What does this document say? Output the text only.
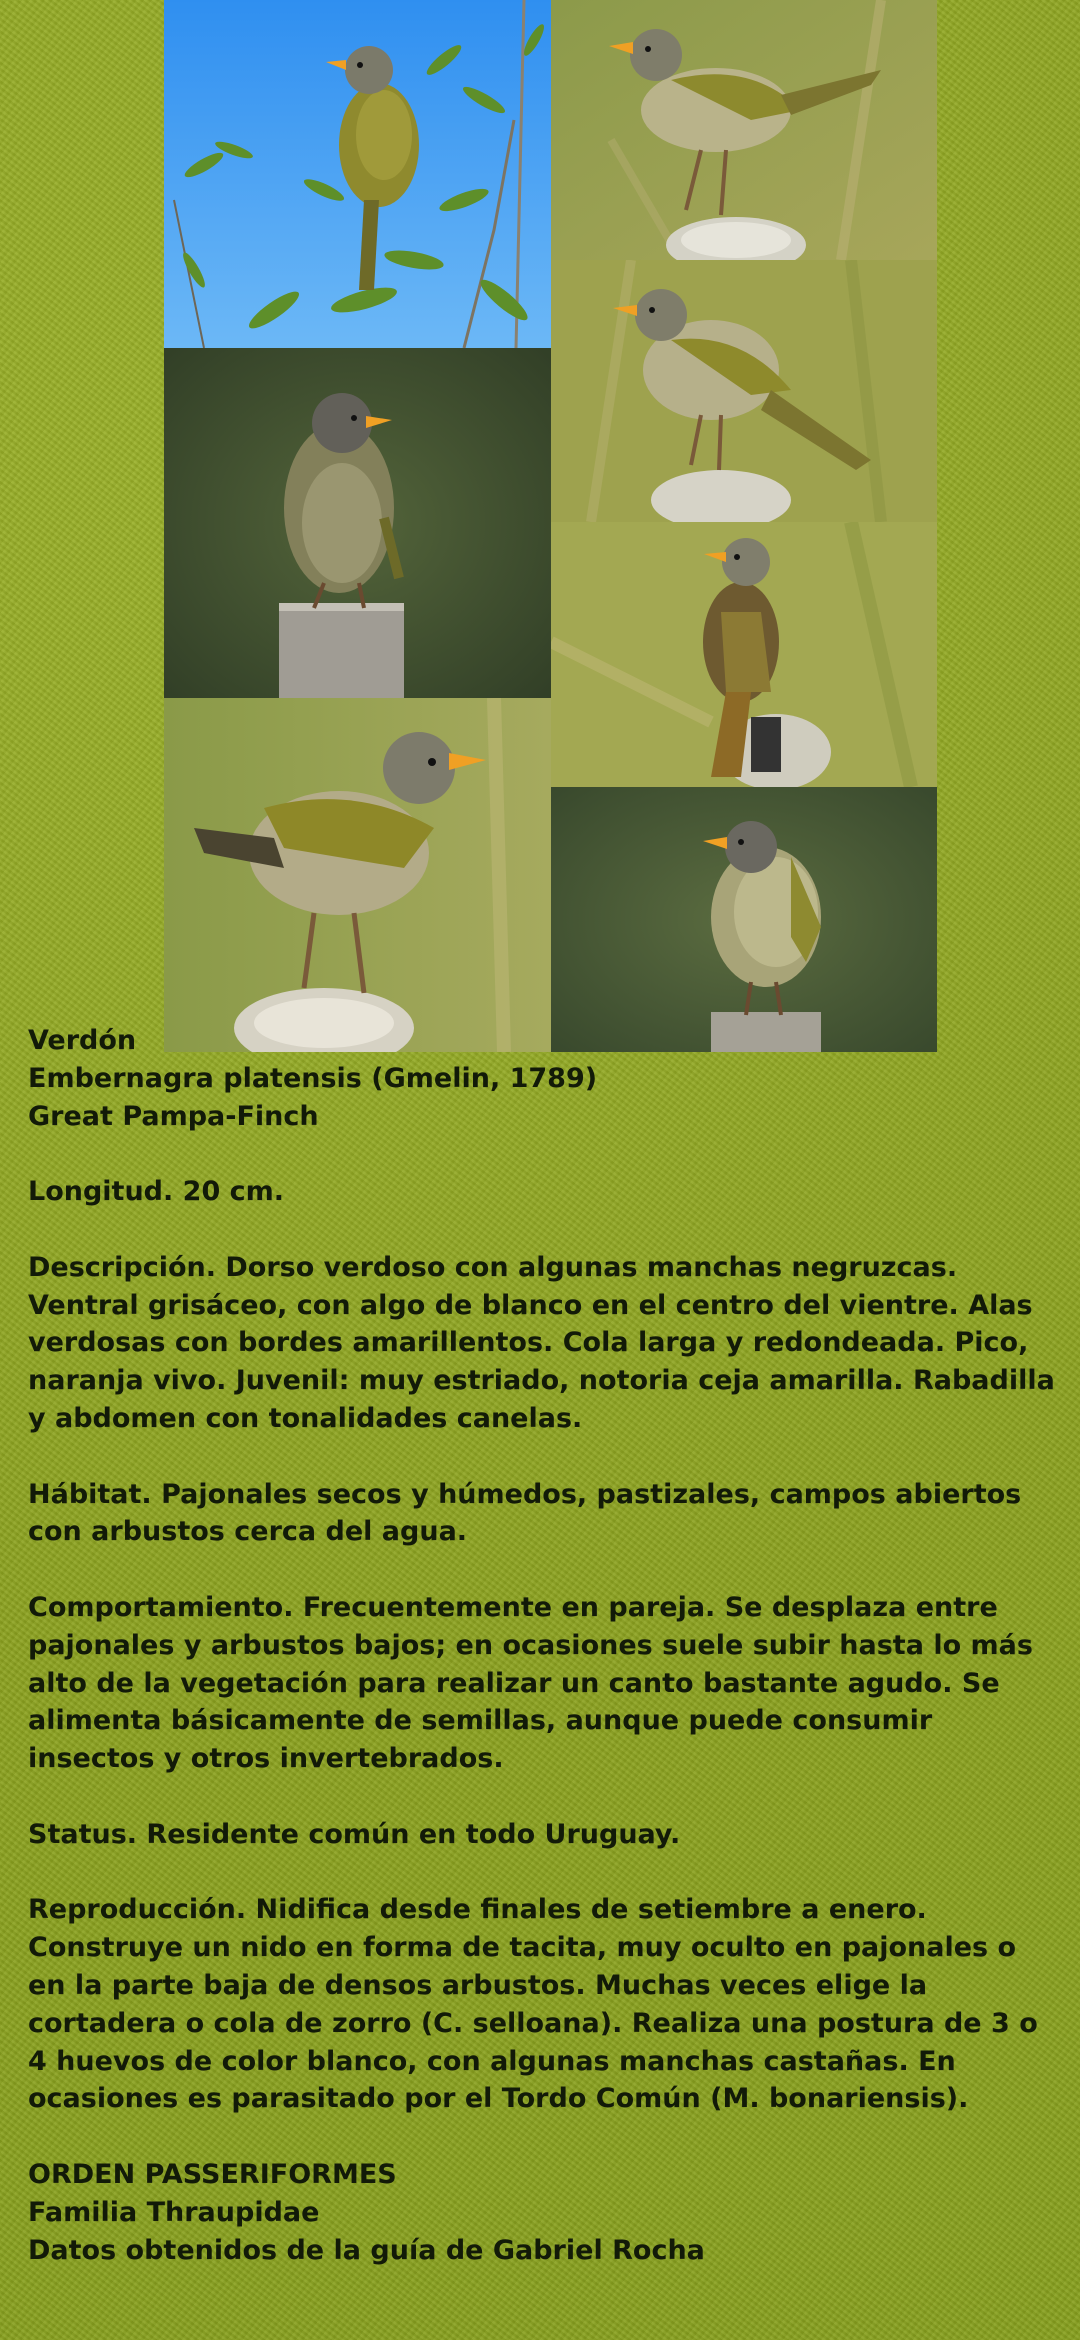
Verdón

Embernagra platensis (Gmelin, 1789)

Great Pampa-Finch

Longitud. 20 cm.

Descripción. Dorso verdoso con algunas manchas negruzcas. Ventral grisáceo, con algo de blanco en el centro del vientre. Alas verdosas con bordes amarillentos. Cola larga y redondeada. Pico, naranja vivo. Juvenil: muy estriado, notoria ceja amarilla. Rabadilla y abdomen con tonalidades canelas.

Hábitat. Pajonales secos y húmedos, pastizales, campos abiertos con arbustos cerca del agua.

Comportamiento. Frecuentemente en pareja. Se desplaza entre pajonales y arbustos bajos; en ocasiones suele subir hasta lo más alto de la vegetación para realizar un canto bastante agudo. Se alimenta básicamente de semillas, aunque puede consumir insectos y otros invertebrados.

Status. Residente común en todo Uruguay.

Reproducción. Nidifica desde finales de setiembre a enero. Construye un nido en forma de tacita, muy oculto en pajonales o en la parte baja de densos arbustos. Muchas veces elige la cortadera o cola de zorro (C. selloana). Realiza una postura de 3 o 4 huevos de color blanco, con algunas manchas castañas. En ocasiones es parasitado por el Tordo Común (M. bonariensis).

ORDEN PASSERIFORMES

Familia Thraupidae

Datos obtenidos de la guía de Gabriel Rocha
